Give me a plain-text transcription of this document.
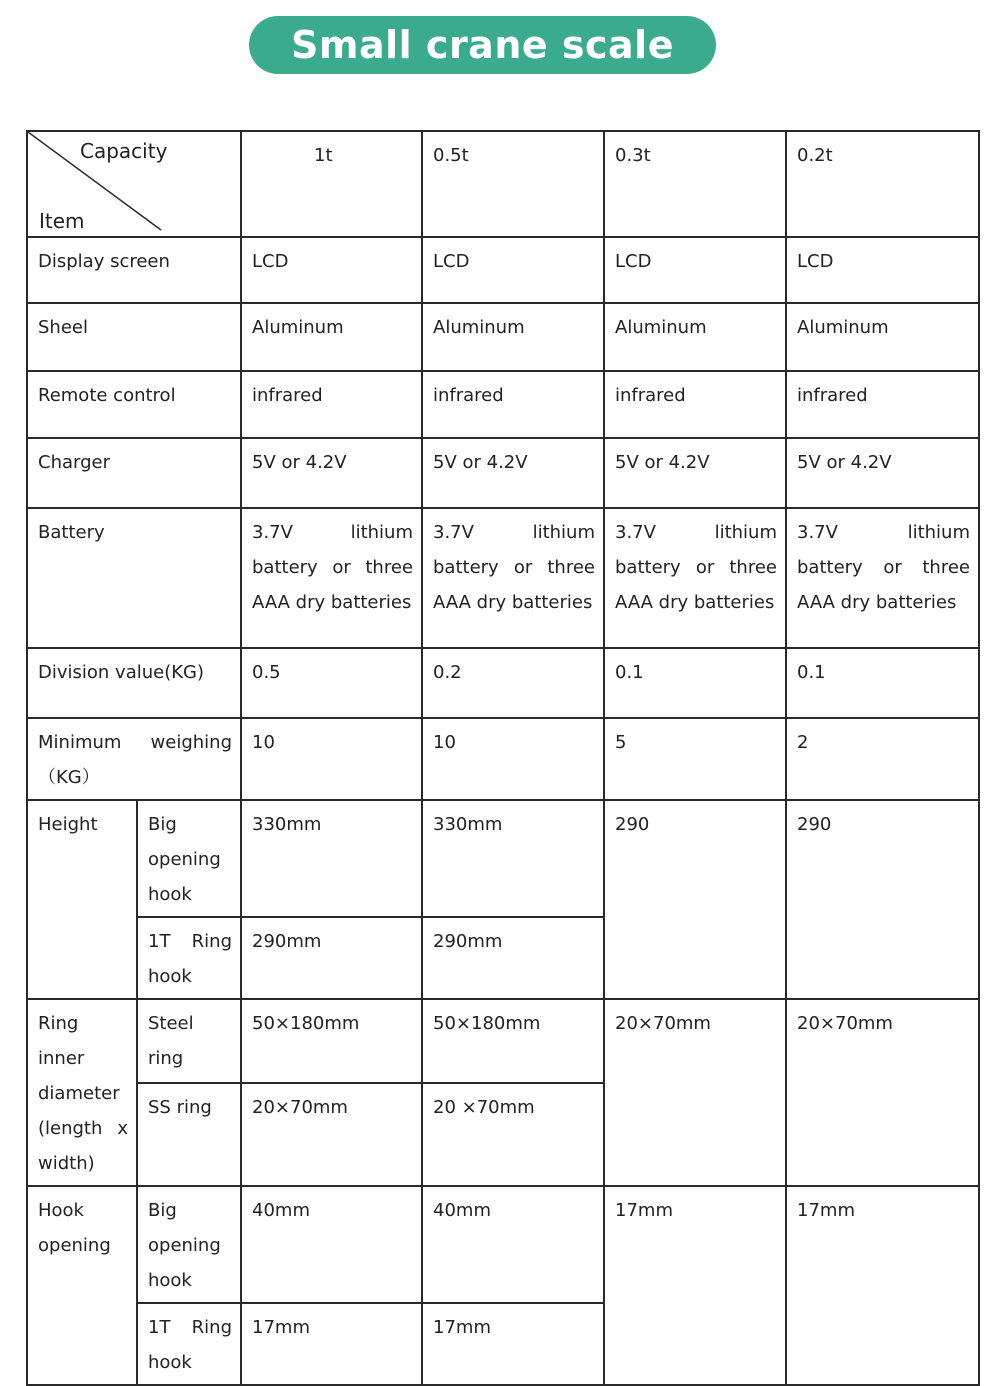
Small crane scale
Capacity
Item		1t	0.5t	0.3t	0.2t
Display screen		LCD	LCD	LCD	LCD
Sheel		Aluminum	Aluminum	Aluminum	Aluminum
Remote control		infrared	infrared	infrared	infrared
Charger		5V or 4.2V	5V or 4.2V	5V or 4.2V	5V or 4.2V
Battery		3.7V lithium battery or three AAA dry batteries	3.7V lithium battery or three AAA dry batteries	3.7V lithium battery or three AAA dry batteries	3.7V lithium battery or three AAA dry batteries
Division value(KG)		0.5	0.2	0.1	0.1
Minimum weighing （KG）		10	10	5	2
Height	Big opening hook	330mm	330mm	290	290
	1T Ring hook	290mm	290mm		
Ring inner diameter (length x width)	Steel ring	50×180mm	50×180mm	20×70mm	20×70mm
	SS ring	20×70mm	20 ×70mm		
Hook opening	Big opening hook	40mm	40mm	17mm	17mm
	1T Ring hook	17mm	17mm		
